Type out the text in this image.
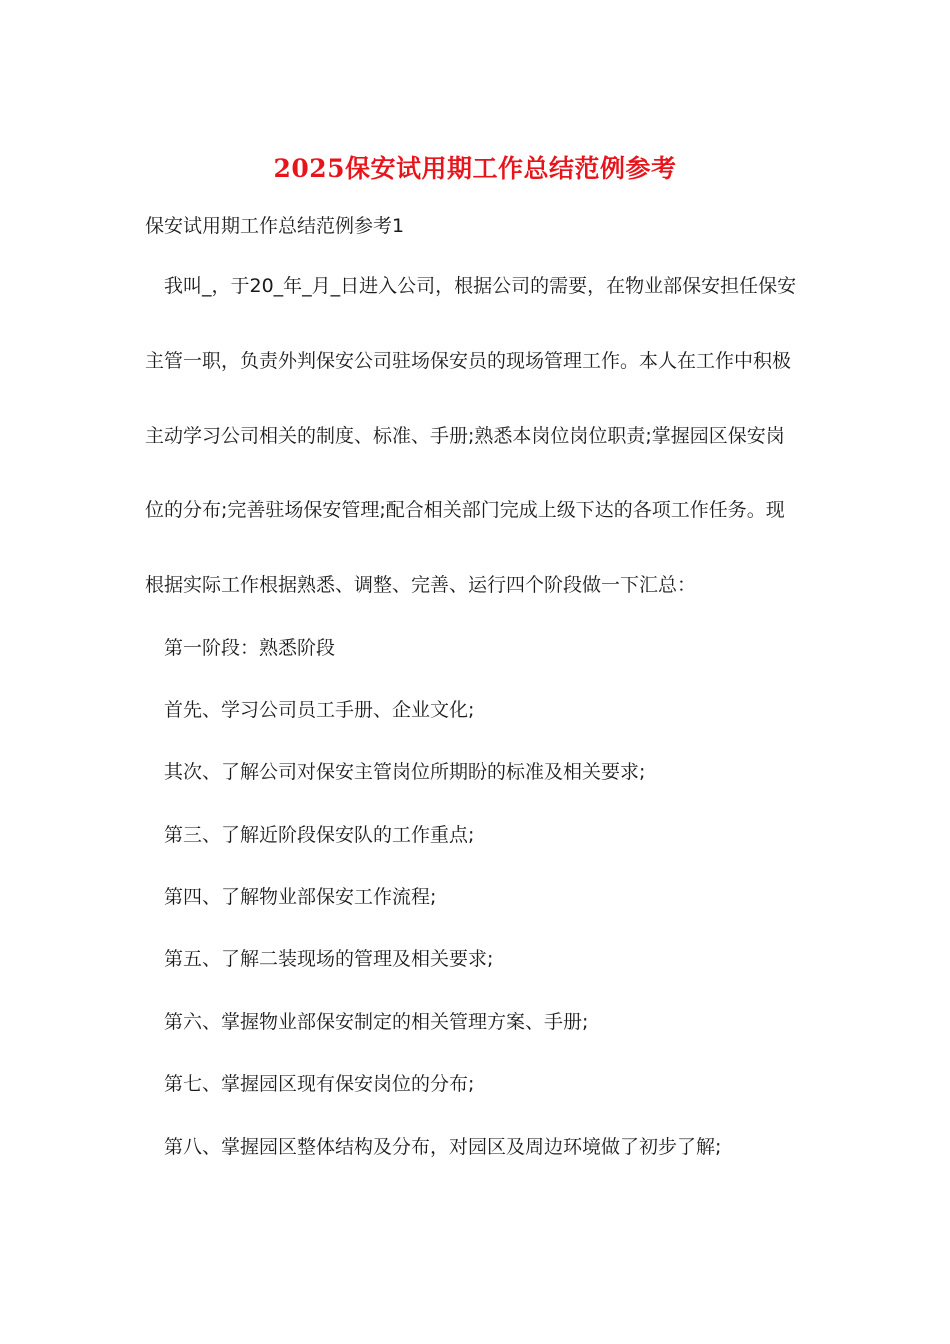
2025保安试用期工作总结范例参考
保安试用期工作总结范例参考1
我叫_，于20_年_月_日进入公司，根据公司的需要，在物业部保安担任保安
主管一职，负责外判保安公司驻场保安员的现场管理工作。本人在工作中积极
主动学习公司相关的制度、标准、手册;熟悉本岗位岗位职责;掌握园区保安岗
位的分布;完善驻场保安管理;配合相关部门完成上级下达的各项工作任务。现
根据实际工作根据熟悉、调整、完善、运行四个阶段做一下汇总：
第一阶段：熟悉阶段
首先、学习公司员工手册、企业文化;
其次、了解公司对保安主管岗位所期盼的标准及相关要求;
第三、了解近阶段保安队的工作重点;
第四、了解物业部保安工作流程;
第五、了解二装现场的管理及相关要求;
第六、掌握物业部保安制定的相关管理方案、手册;
第七、掌握园区现有保安岗位的分布;
第八、掌握园区整体结构及分布，对园区及周边环境做了初步了解;
